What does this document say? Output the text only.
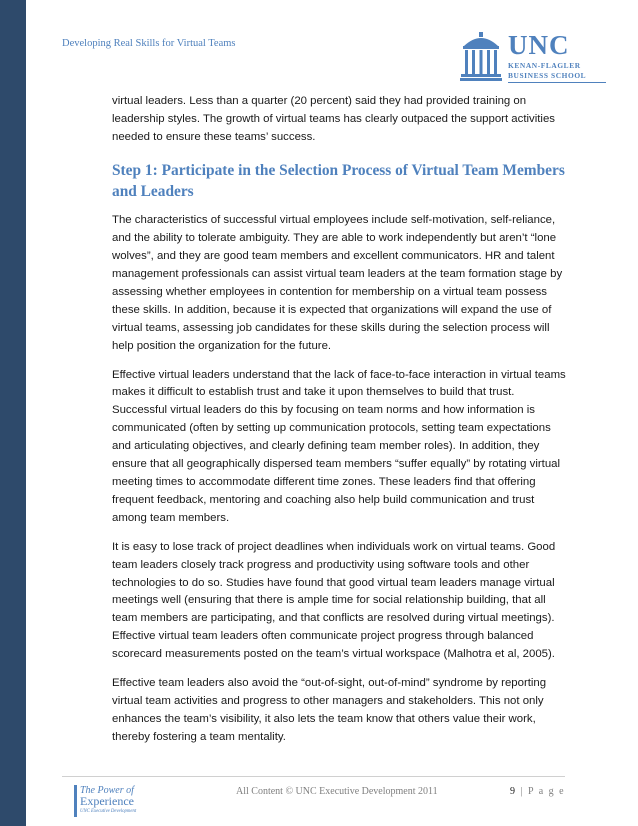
Developing Real Skills for Virtual Teams	UNC
KENAN-FLAGLER
BUSINESS SCHOOL

virtual leaders. Less than a quarter (20 percent) said they had provided training on leadership styles. The growth of virtual teams has clearly outpaced the support activities needed to ensure these teams’ success.

Step 1: Participate in the Selection Process of Virtual Team Members and Leaders

The characteristics of successful virtual employees include self-motivation, self-reliance, and the ability to tolerate ambiguity. They are able to work independently but aren’t “lone wolves”, and they are good team members and excellent communicators. HR and talent management professionals can assist virtual team leaders at the team formation stage by assessing whether employees in contention for membership on a virtual team possess these skills. In addition, because it is expected that organizations will expand the use of virtual teams, assessing job candidates for these skills during the selection process will help position the organization for the future.

Effective virtual leaders understand that the lack of face-to-face interaction in virtual teams makes it difficult to establish trust and take it upon themselves to build that trust. Successful virtual leaders do this by focusing on team norms and how information is communicated (often by setting up communication protocols, setting team expectations and articulating objectives, and clearly defining team member roles). In addition, they ensure that all geographically dispersed team members “suffer equally” by rotating virtual meeting times to accommodate different time zones. These leaders find that offering frequent feedback, mentoring and coaching also help build communication and trust among team members.

It is easy to lose track of project deadlines when individuals work on virtual teams. Good team leaders closely track progress and productivity using software tools and other technologies to do so. Studies have found that good virtual team leaders manage virtual meetings well (ensuring that there is ample time for social relationship building, that all team members are participating, and that conflicts are resolved during virtual meetings). Effective virtual team leaders often communicate project progress through balanced scorecard measurements posted on the team’s virtual workspace (Malhotra et al, 2005).

Effective team leaders also avoid the “out-of-sight, out-of-mind” syndrome by reporting virtual team activities and progress to other managers and stakeholders. This not only enhances the team’s visibility, it also lets the team know that others value their work, thereby fostering a team mentality.

The Power of
Experience
UNC Executive Development
All Content © UNC Executive Development 2011	9 | P a g e
